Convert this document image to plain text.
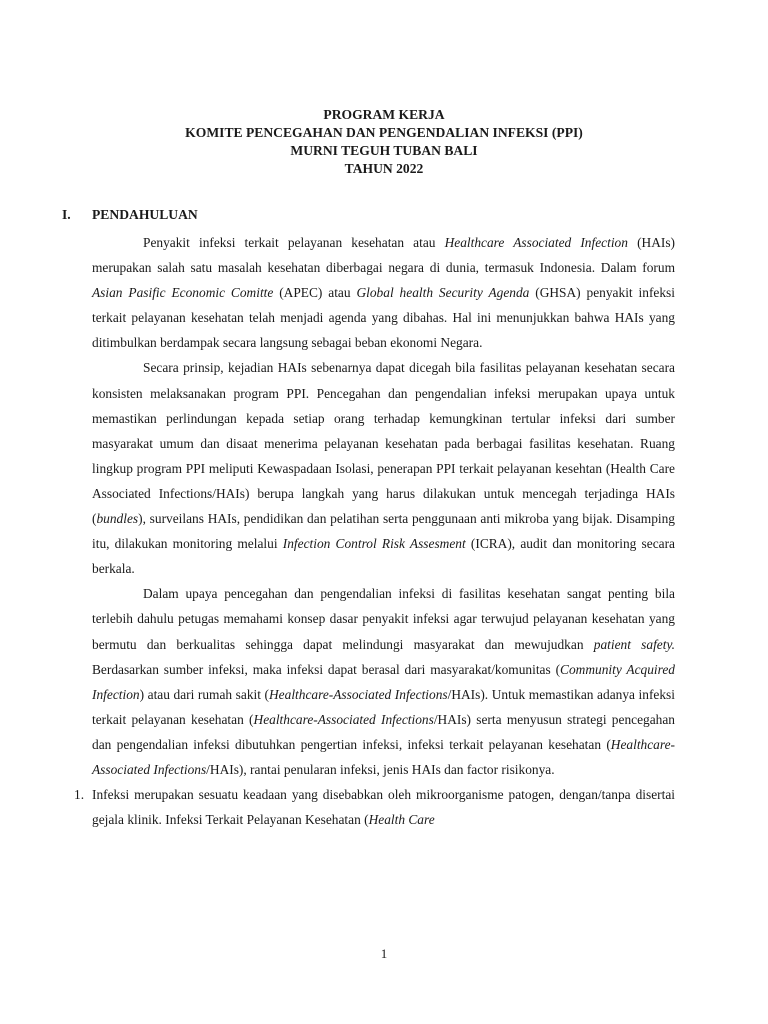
PROGRAM KERJA
KOMITE PENCEGAHAN DAN PENGENDALIAN INFEKSI (PPI)
MURNI TEGUH TUBAN BALI
TAHUN 2022
I. PENDAHULUAN

Penyakit infeksi terkait pelayanan kesehatan atau Healthcare Associated Infection (HAIs) merupakan salah satu masalah kesehatan diberbagai negara di dunia, termasuk Indonesia. Dalam forum Asian Pasific Economic Comitte (APEC) atau Global health Security Agenda (GHSA) penyakit infeksi terkait pelayanan kesehatan telah menjadi agenda yang dibahas. Hal ini menunjukkan bahwa HAIs yang ditimbulkan berdampak secara langsung sebagai beban ekonomi Negara.

Secara prinsip, kejadian HAIs sebenarnya dapat dicegah bila fasilitas pelayanan kesehatan secara konsisten melaksanakan program PPI. Pencegahan dan pengendalian infeksi merupakan upaya untuk memastikan perlindungan kepada setiap orang terhadap kemungkinan tertular infeksi dari sumber masyarakat umum dan disaat menerima pelayanan kesehatan pada berbagai fasilitas kesehatan. Ruang lingkup program PPI meliputi Kewaspadaan Isolasi, penerapan PPI terkait pelayanan kesehtan (Health Care Associated Infections/HAIs) berupa langkah yang harus dilakukan untuk mencegah terjadinga HAIs (bundles), surveilans HAIs, pendidikan dan pelatihan serta penggunaan anti mikroba yang bijak. Disamping itu, dilakukan monitoring melalui Infection Control Risk Assesment (ICRA), audit dan monitoring secara berkala.

Dalam upaya pencegahan dan pengendalian infeksi di fasilitas kesehatan sangat penting bila terlebih dahulu petugas memahami konsep dasar penyakit infeksi agar terwujud pelayanan kesehatan yang bermutu dan berkualitas sehingga dapat melindungi masyarakat dan mewujudkan patient safety. Berdasarkan sumber infeksi, maka infeksi dapat berasal dari masyarakat/komunitas (Community Acquired Infection) atau dari rumah sakit (Healthcare-Associated Infections/HAIs). Untuk memastikan adanya infeksi terkait pelayanan kesehatan (Healthcare-Associated Infections/HAIs) serta menyusun strategi pencegahan dan pengendalian infeksi dibutuhkan pengertian infeksi, infeksi terkait pelayanan kesehatan (Healthcare-Associated Infections/HAIs), rantai penularan infeksi, jenis HAIs dan factor risikonya.

1. Infeksi merupakan sesuatu keadaan yang disebabkan oleh mikroorganisme patogen, dengan/tanpa disertai gejala klinik. Infeksi Terkait Pelayanan Kesehatan (Health Care
1
